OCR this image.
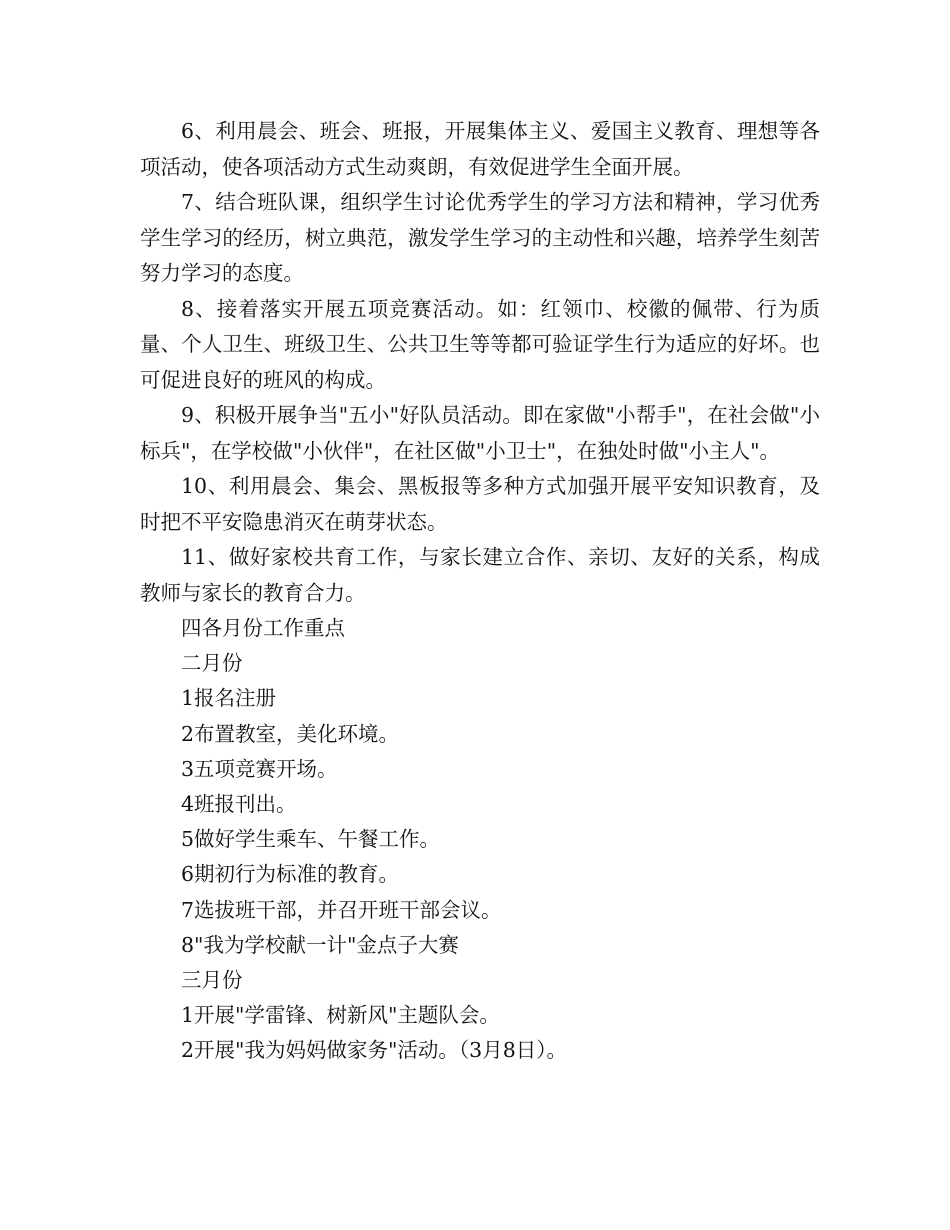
6、利用晨会、班会、班报，开展集体主义、爱国主义教育、理想等各项活动，使各项活动方式生动爽朗，有效促进学生全面开展。

7、结合班队课，组织学生讨论优秀学生的学习方法和精神，学习优秀学生学习的经历，树立典范，激发学生学习的主动性和兴趣，培养学生刻苦努力学习的态度。

8、接着落实开展五项竞赛活动。如：红领巾、校徽的佩带、行为质量、个人卫生、班级卫生、公共卫生等等都可验证学生行为适应的好坏。也可促进良好的班风的构成。

9、积极开展争当"五小"好队员活动。即在家做"小帮手"，在社会做"小标兵"，在学校做"小伙伴"，在社区做"小卫士"，在独处时做"小主人"。

10、利用晨会、集会、黑板报等多种方式加强开展平安知识教育，及时把不平安隐患消灭在萌芽状态。

11、做好家校共育工作，与家长建立合作、亲切、友好的关系，构成教师与家长的教育合力。

四各月份工作重点

二月份

1报名注册

2布置教室，美化环境。

3五项竞赛开场。

4班报刊出。

5做好学生乘车、午餐工作。

6期初行为标准的教育。

7选拔班干部，并召开班干部会议。

8"我为学校献一计"金点子大赛

三月份

1开展"学雷锋、树新风"主题队会。

2开展"我为妈妈做家务"活动。（3月8日）。
